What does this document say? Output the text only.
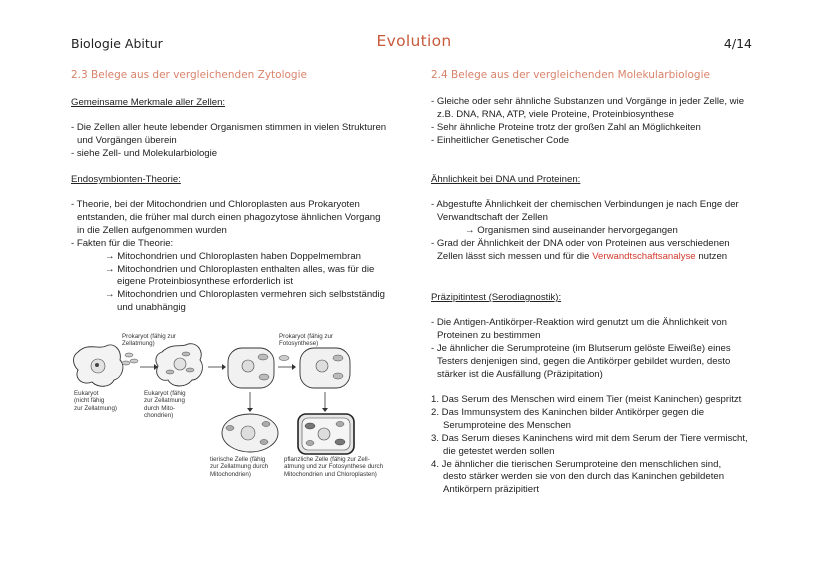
Biologie Abitur	Evolution	4/14
2.3 Belege aus der vergleichenden Zytologie
Gemeinsame Merkmale aller Zellen:
- Die Zellen aller heute lebender Organismen stimmen in vielen Strukturen
und Vorgängen überein
- siehe Zell- und Molekularbiologie
Endosymbionten-Theorie:
- Theorie, bei der Mitochondrien und Chloroplasten aus Prokaryoten
entstanden, die früher mal durch einen phagozytose ähnlichen Vorgang
in die Zellen aufgenommen wurden
- Fakten für die Theorie:
→ Mitochondrien und Chloroplasten haben Doppelmembran
→ Mitochondrien und Chloroplasten enthalten alles, was für die
eigene Proteinbiosynthese erforderlich ist
→ Mitochondrien und Chloroplasten vermehren sich selbstständig
und unabhängig
Prokaryot (fähig zur
Zellatmung)
Eukaryot
(nicht fähig
zur Zellatmung)
Eukaryot (fähig
zur Zellatmung
durch Mito-
chondrien)
Prokaryot (fähig zur
Fotosynthese)
tierische Zelle (fähig
zur Zellatmung durch
Mitochondrien)
pflanzliche Zelle (fähig zur Zell-
atmung und zur Fotosynthese durch
Mitochondrien und Chloroplasten)
2.4 Belege aus der vergleichenden Molekularbiologie
- Gleiche oder sehr ähnliche Substanzen und Vorgänge in jeder Zelle, wie
z.B. DNA, RNA, ATP, viele Proteine, Proteinbiosynthese
- Sehr ähnliche Proteine trotz der großen Zahl an Möglichkeiten
- Einheitlicher Genetischer Code
Ähnlichkeit bei DNA und Proteinen:
- Abgestufte Ähnlichkeit der chemischen Verbindungen je nach Enge der
Verwandtschaft der Zellen
→ Organismen sind auseinander hervorgegangen
- Grad der Ähnlichkeit der DNA oder von Proteinen aus verschiedenen
Zellen lässt sich messen und für die Verwandtschaftsanalyse nutzen
Präzipitintest (Serodiagnostik):
- Die Antigen-Antikörper-Reaktion wird genutzt um die Ähnlichkeit von
Proteinen zu bestimmen
- Je ähnlicher die Serumproteine (im Blutserum gelöste Eiweiße) eines
Testers denjenigen sind, gegen die Antikörper gebildet wurden, desto
stärker ist die Ausfällung (Präzipitation)
1. Das Serum des Menschen wird einem Tier (meist Kaninchen) gespritzt
2. Das Immunsystem des Kaninchen bilder Antikörper gegen die
Serumproteine des Menschen
3. Das Serum dieses Kaninchens wird mit dem Serum der Tiere vermischt,
die getestet werden sollen
4. Je ähnlicher die tierischen Serumproteine den menschlichen sind,
desto stärker werden sie von den durch das Kaninchen gebildeten
Antikörpern präzipitiert
